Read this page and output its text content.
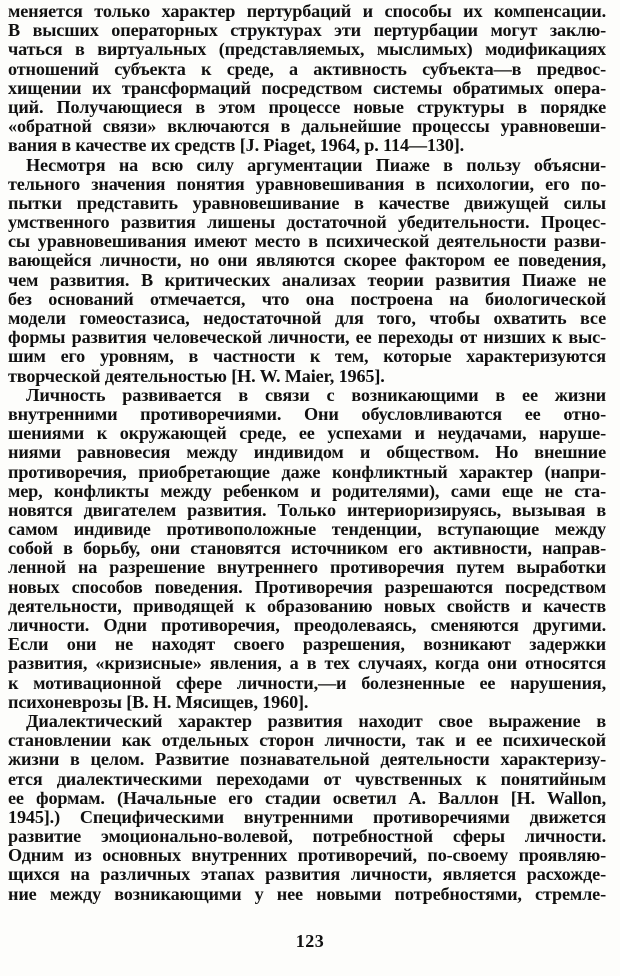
меняется только характер пертурбаций и способы их компенсации.
В высших операторных структурах эти пертурбации могут заклю-
чаться в виртуальных (представляемых, мыслимых) модификациях
отношений субъекта к среде, а активность субъекта—в предвос-
хищении их трансформаций посредством системы обратимых опера-
ций. Получающиеся в этом процессе новые структуры в порядке
«обратной связи» включаются в дальнейшие процессы уравновеши-
вания в качестве их средств [J. Piaget, 1964, p. 114—130].
Несмотря на всю силу аргументации Пиаже в пользу объясни-
тельного значения понятия уравновешивания в психологии, его по-
пытки представить уравновешивание в качестве движущей силы
умственного развития лишены достаточной убедительности. Процес-
сы уравновешивания имеют место в психической деятельности разви-
вающейся личности, но они являются скорее фактором ее поведения,
чем развития. В критических анализах теории развития Пиаже не
без оснований отмечается, что она построена на биологической
модели гомеостазиса, недостаточной для того, чтобы охватить все
формы развития человеческой личности, ее переходы от низших к выс-
шим его уровням, в частности к тем, которые характеризуются
творческой деятельностью [H. W. Maier, 1965].
Личность развивается в связи с возникающими в ее жизни
внутренними противоречиями. Они обусловливаются ее отно-
шениями к окружающей среде, ее успехами и неудачами, наруше-
ниями равновесия между индивидом и обществом. Но внешние
противоречия, приобретающие даже конфликтный характер (напри-
мер, конфликты между ребенком и родителями), сами еще не ста-
новятся двигателем развития. Только интериоризируясь, вызывая в
самом индивиде противоположные тенденции, вступающие между
собой в борьбу, они становятся источником его активности, направ-
ленной на разрешение внутреннего противоречия путем выработки
новых способов поведения. Противоречия разрешаются посредством
деятельности, приводящей к образованию новых свойств и качеств
личности. Одни противоречия, преодолеваясь, сменяются другими.
Если они не находят своего разрешения, возникают задержки
развития, «кризисные» явления, а в тех случаях, когда они относятся
к мотивационной сфере личности,—и болезненные ее нарушения,
психоневрозы [В. Н. Мясищев, 1960].
Диалектический характер развития находит свое выражение в
становлении как отдельных сторон личности, так и ее психической
жизни в целом. Развитие познавательной деятельности характеризу-
ется диалектическими переходами от чувственных к понятийным
ее формам. (Начальные его стадии осветил А. Валлон [H. Wallon,
1945].) Специфическими внутренними противоречиями движется
развитие эмоционально-волевой, потребностной сферы личности.
Одним из основных внутренних противоречий, по-своему проявляю-
щихся на различных этапах развития личности, является расхожде-
ние между возникающими у нее новыми потребностями, стремле-
123
